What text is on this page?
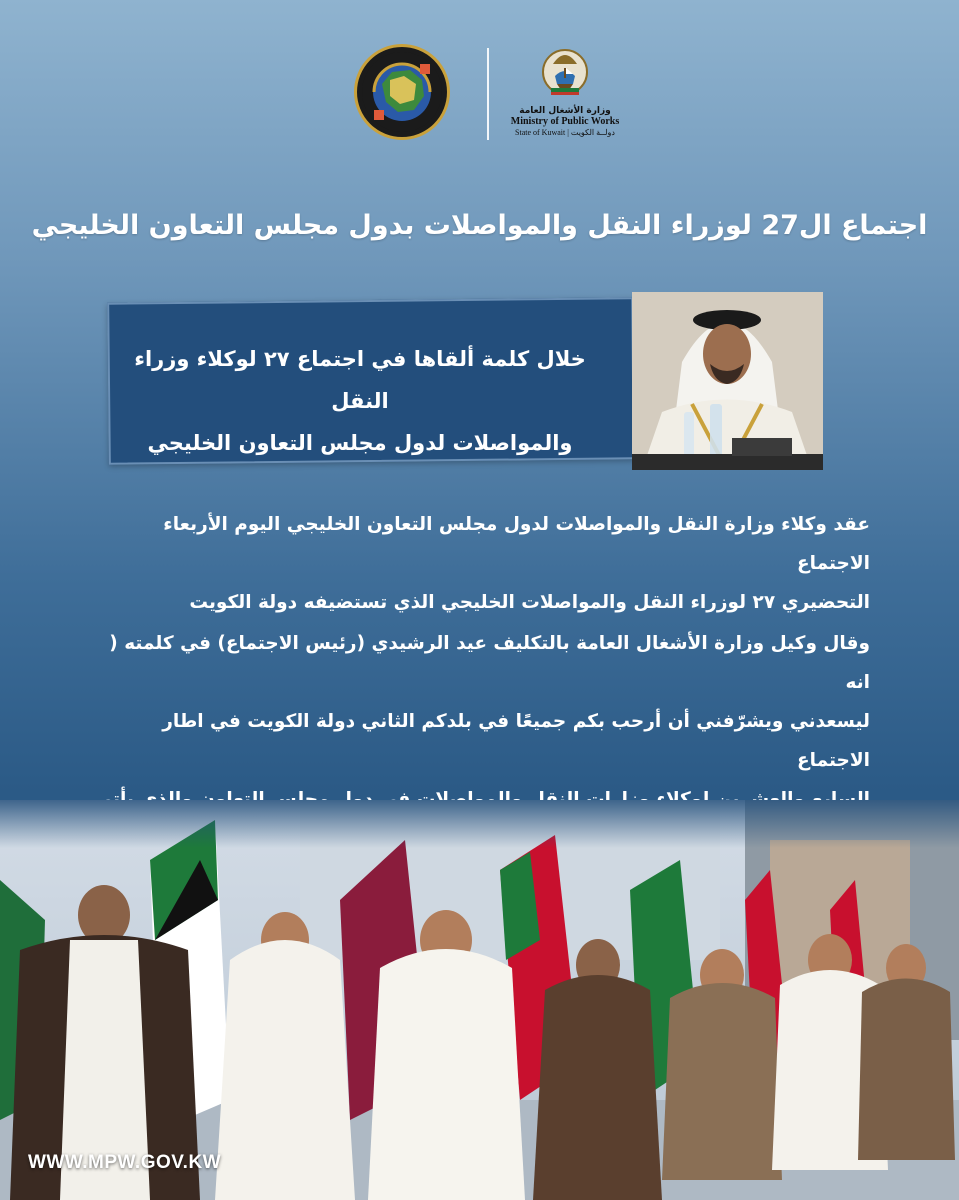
وزارة الأشغال العامة
Ministry of Public Works
State of Kuwait | دولــة الكويت
اجتماع ال27 لوزراء النقل والمواصلات بدول مجلس التعاون الخليجي
خلال كلمة ألقاها في اجتماع ٢٧ لوكلاء وزراء النقل
والمواصلات لدول مجلس التعاون الخليجي

عقد وكلاء وزارة النقل والمواصلات لدول مجلس التعاون الخليجي اليوم الأربعاء الاجتماع
التحضيري ٢٧ لوزراء النقل والمواصلات الخليجي الذي تستضيفه دولة الكويت

وقال وكيل وزارة الأشغال العامة بالتكليف عيد الرشيدي (رئيس الاجتماع) في كلمته ( انه
ليسعدني ويشرّفني أن أرحب بكم جميعًا في بلدكم الثاني دولة الكويت في اطار الاجتماع

WWW.MPW.GOV.KW
